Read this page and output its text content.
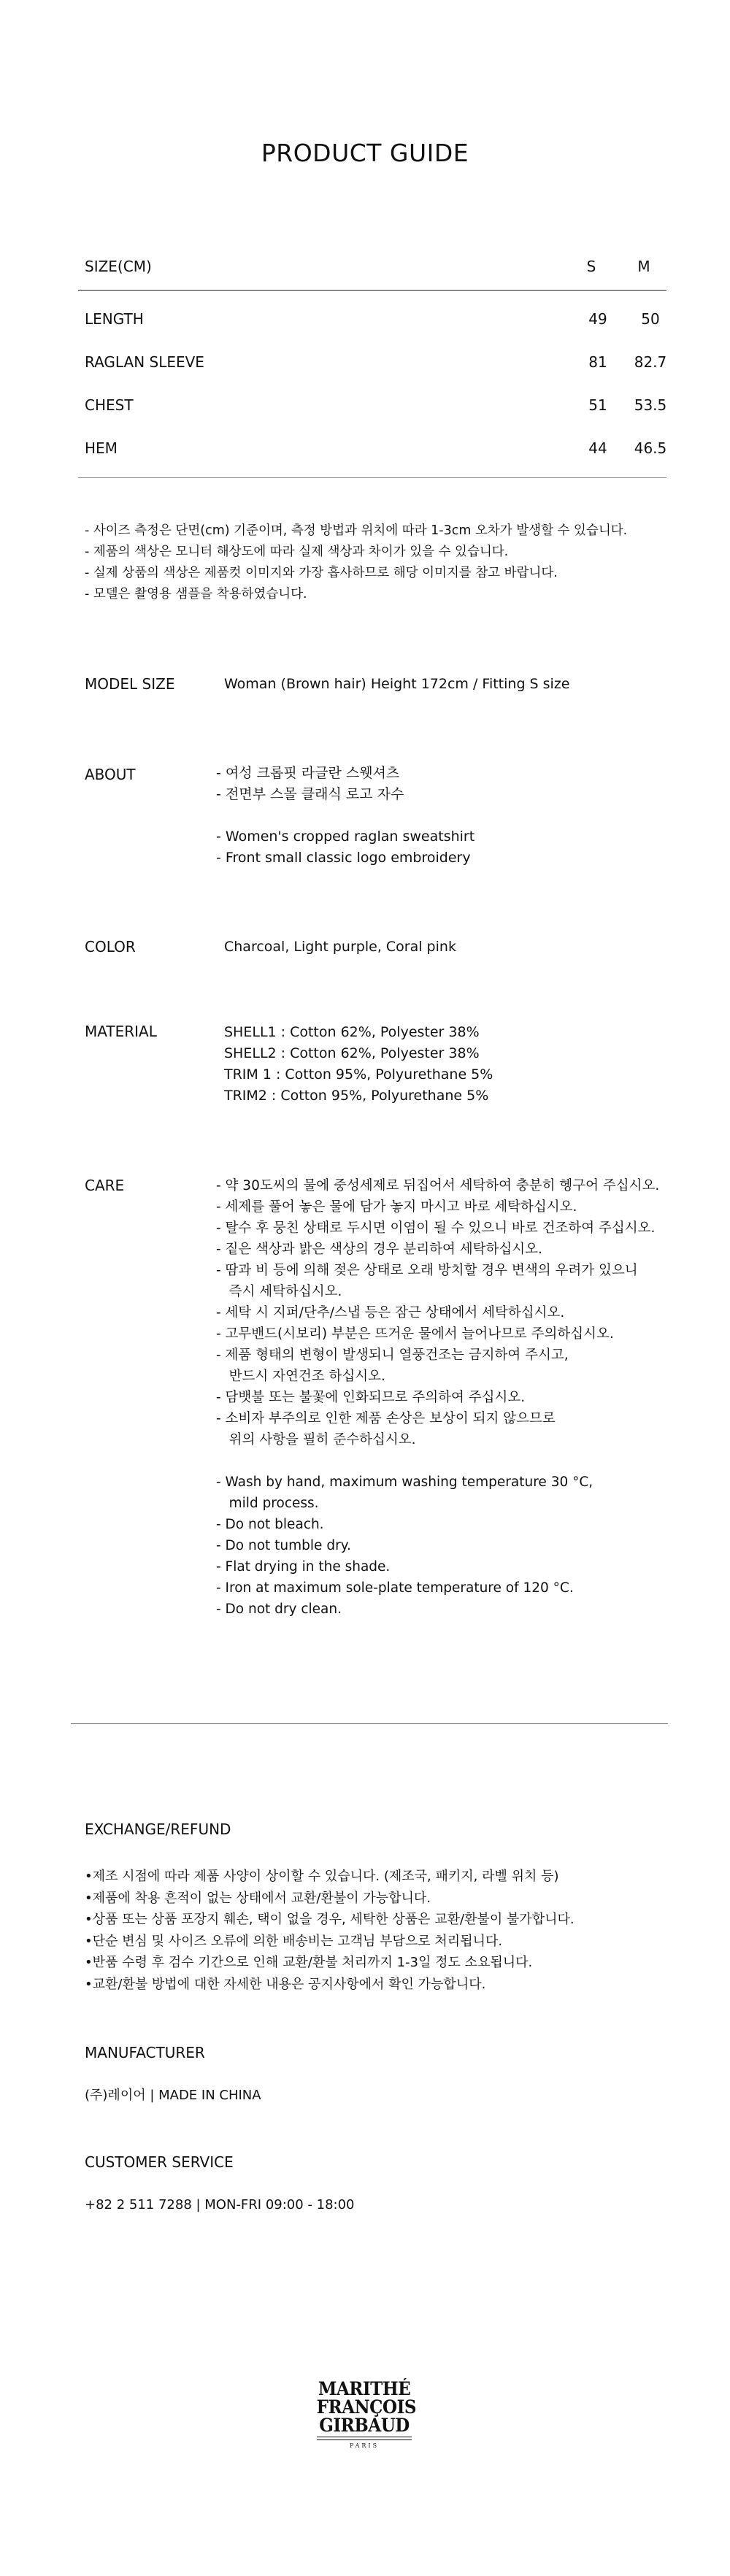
PRODUCT GUIDE
SIZE(CM)	S	M
LENGTH	49	50
RAGLAN SLEEVE	81	82.7
CHEST	51	53.5
HEM	44	46.5
- 사이즈 측정은 단면(cm) 기준이며, 측정 방법과 위치에 따라 1-3cm 오차가 발생할 수 있습니다.
- 제품의 색상은 모니터 해상도에 따라 실제 색상과 차이가 있을 수 있습니다.
- 실제 상품의 색상은 제품컷 이미지와 가장 흡사하므로 해당 이미지를 참고 바랍니다.
- 모델은 촬영용 샘플을 착용하였습니다.
MODEL SIZE	Woman (Brown hair) Height 172cm / Fitting S size
ABOUT	- 여성 크롭핏 라글란 스웻셔츠
- 전면부 스몰 클래식 로고 자수

- Women's cropped raglan sweatshirt
- Front small classic logo embroidery
COLOR	Charcoal, Light purple, Coral pink
MATERIAL	SHELL1 : Cotton 62%, Polyester 38%
SHELL2 : Cotton 62%, Polyester 38%
TRIM 1 : Cotton 95%, Polyurethane 5%
TRIM2 : Cotton 95%, Polyurethane 5%
CARE	- 약 30도씨의 물에 중성세제로 뒤집어서 세탁하여 충분히 헹구어 주십시오.
- 세제를 풀어 놓은 물에 담가 놓지 마시고 바로 세탁하십시오.
- 탈수 후 뭉친 상태로 두시면 이염이 될 수 있으니 바로 건조하여 주십시오.
- 짙은 색상과 밝은 색상의 경우 분리하여 세탁하십시오.
- 땀과 비 등에 의해 젖은 상태로 오래 방치할 경우 변색의 우려가 있으니
즉시 세탁하십시오.
- 세탁 시 지퍼/단추/스냅 등은 잠근 상태에서 세탁하십시오.
- 고무밴드(시보리) 부분은 뜨거운 물에서 늘어나므로 주의하십시오.
- 제품 형태의 변형이 발생되니 열풍건조는 금지하여 주시고,
반드시 자연건조 하십시오.
- 담뱃불 또는 불꽃에 인화되므로 주의하여 주십시오.
- 소비자 부주의로 인한 제품 손상은 보상이 되지 않으므로
위의 사항을 필히 준수하십시오.

- Wash by hand, maximum washing temperature 30 °C,
mild process.
- Do not bleach.
- Do not tumble dry.
- Flat drying in the shade.
- Iron at maximum sole-plate temperature of 120 °C.
- Do not dry clean.
EXCHANGE/REFUND
•제조 시점에 따라 제품 사양이 상이할 수 있습니다. (제조국, 패키지, 라벨 위치 등)
•제품에 착용 흔적이 없는 상태에서 교환/환불이 가능합니다.
•상품 또는 상품 포장지 훼손, 택이 없을 경우, 세탁한 상품은 교환/환불이 불가합니다.
•단순 변심 및 사이즈 오류에 의한 배송비는 고객님 부담으로 처리됩니다.
•반품 수령 후 검수 기간으로 인해 교환/환불 처리까지 1-3일 정도 소요됩니다.
•교환/환불 방법에 대한 자세한 내용은 공지사항에서 확인 가능합니다.
MANUFACTURER
(주)레이어 | MADE IN CHINA
CUSTOMER SERVICE
+82 2 511 7288 | MON-FRI 09:00 - 18:00
MARITHÉ
FRANÇOIS
GIRBAUD
PARIS
